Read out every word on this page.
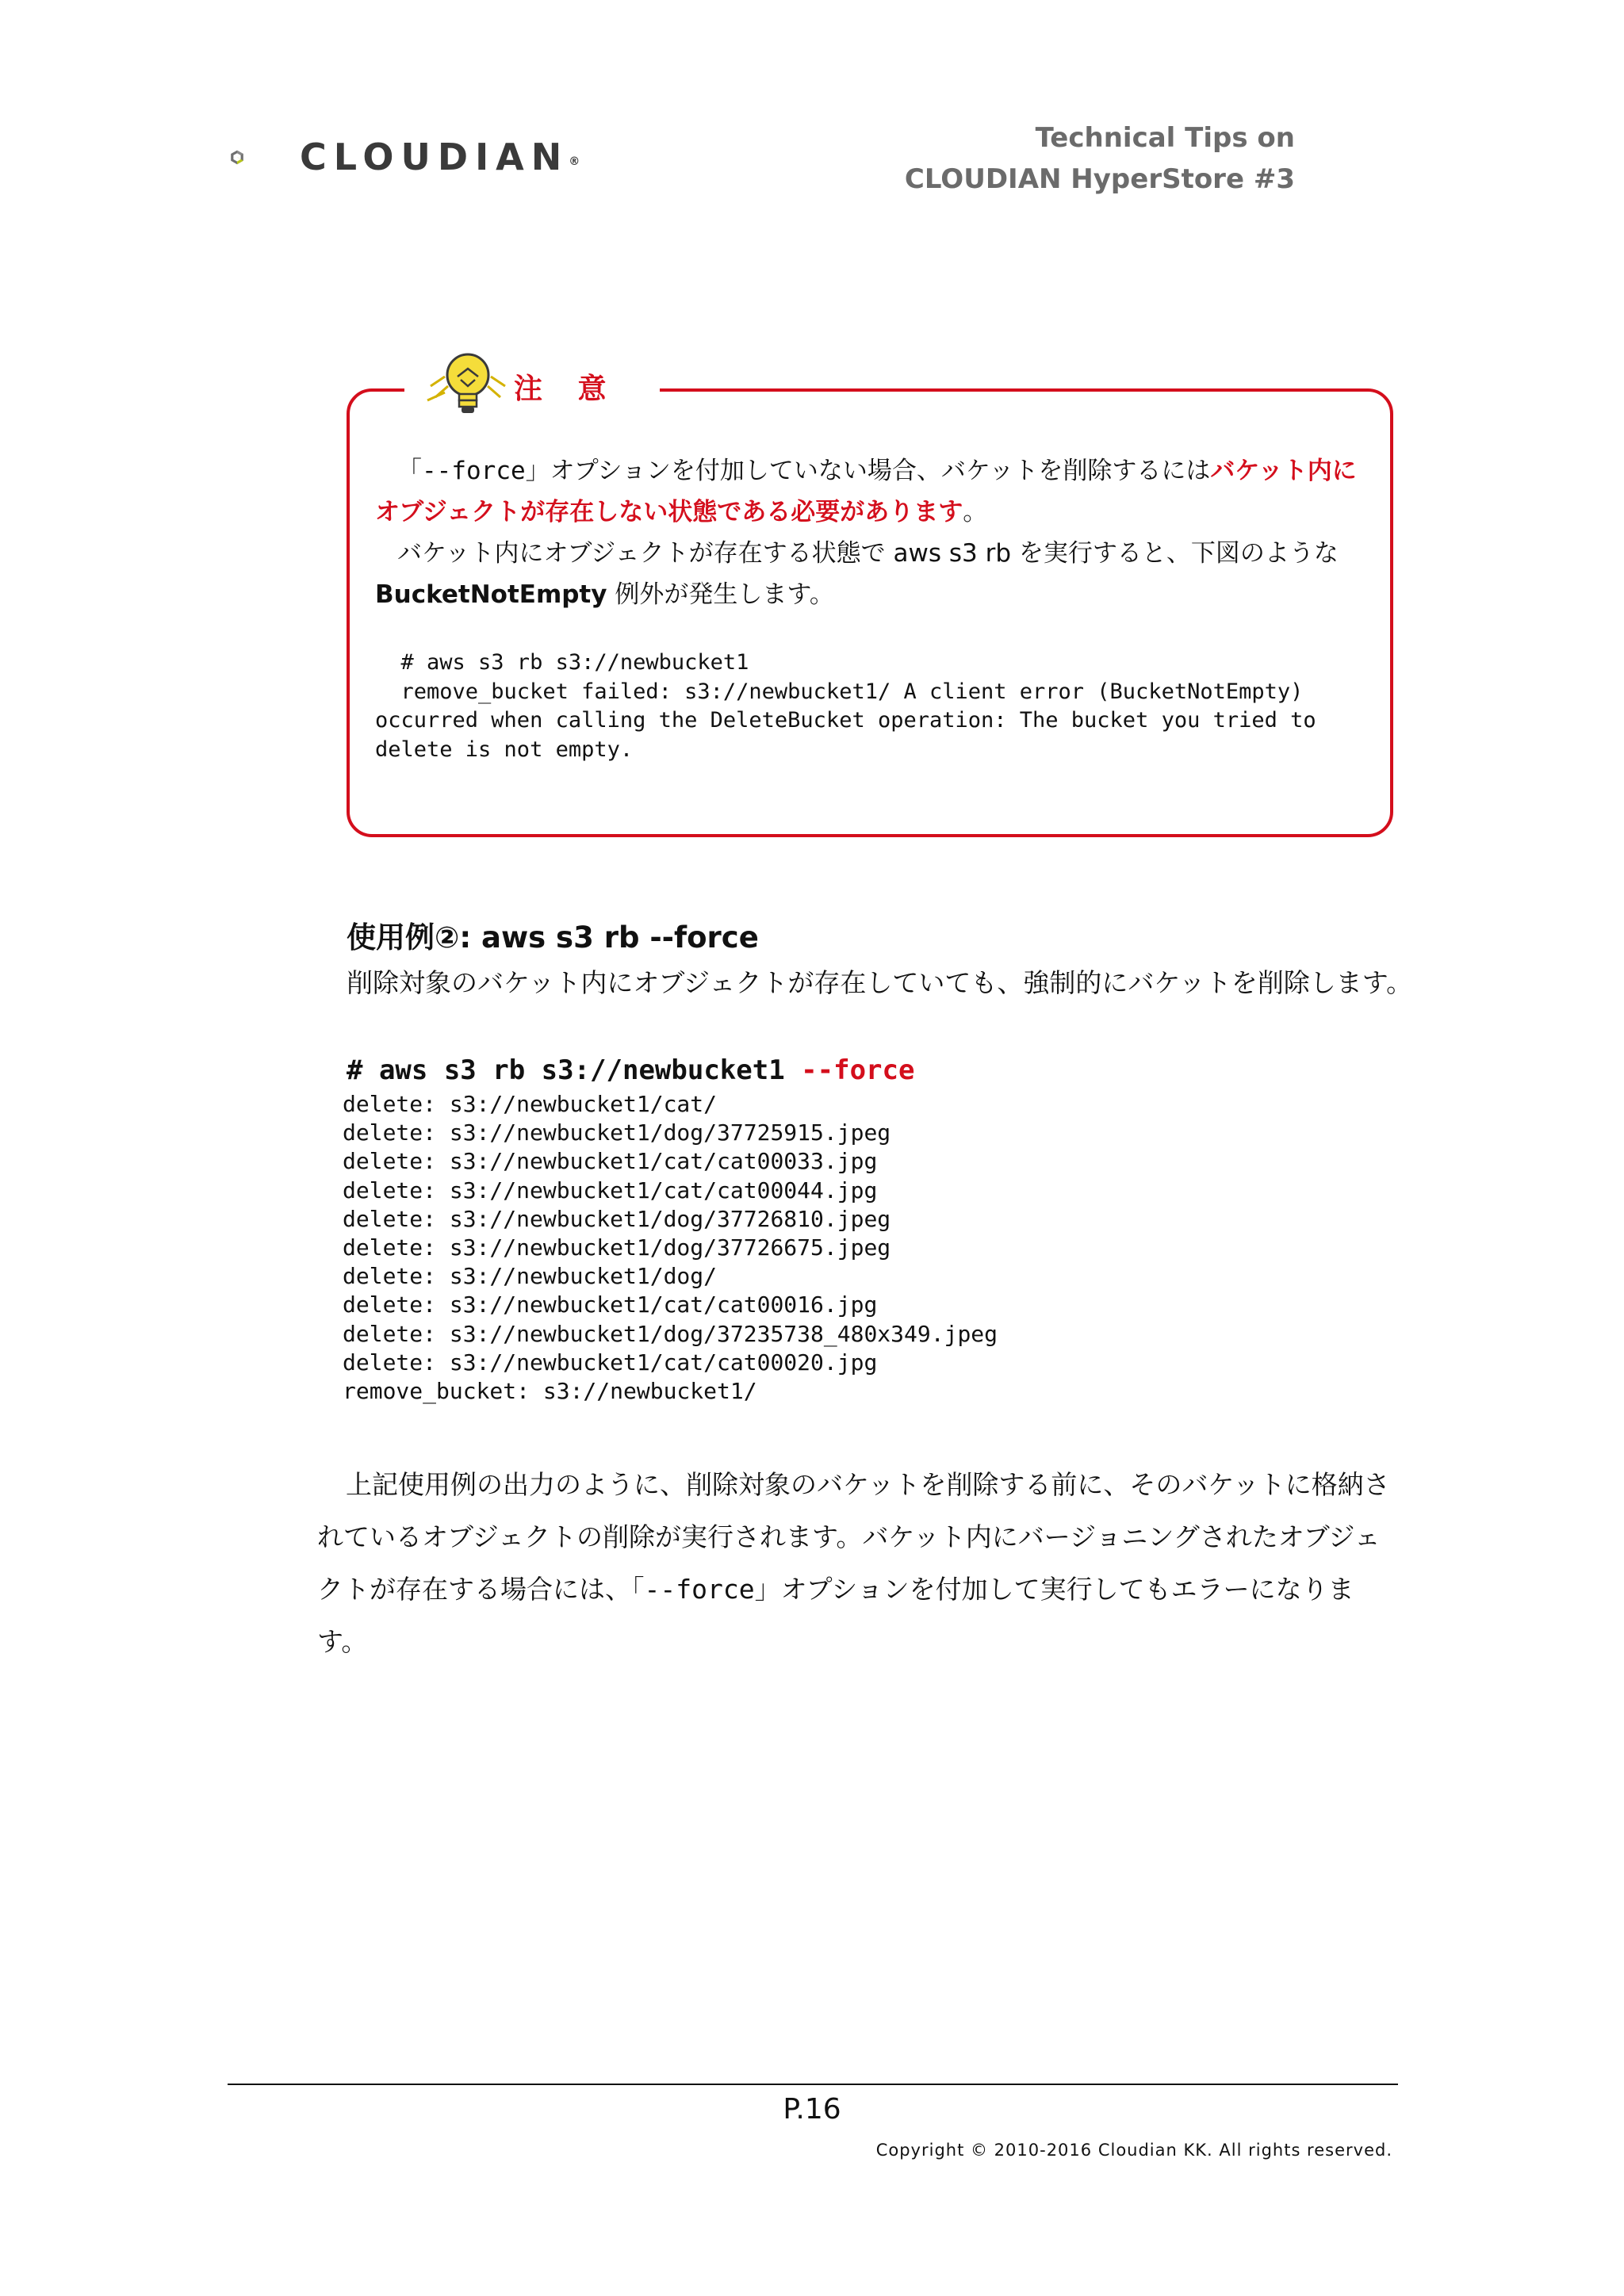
CLOUDIAN®
Technical Tips on
CLOUDIAN HyperStore #3
注 意
「--force」オプションを付加していない場合、バケットを削除するにはバケット内にオブジェクトが存在しない状態である必要があります。
バケット内にオブジェクトが存在する状態で aws s3 rb を実行すると、下図のような
BucketNotEmpty 例外が発生します。
# aws s3 rb s3://newbucket1
remove_bucket failed: s3://newbucket1/ A client error (BucketNotEmpty)
occurred when calling the DeleteBucket operation: The bucket you tried to
delete is not empty.
使用例②: aws s3 rb --force
削除対象のバケット内にオブジェクトが存在していても、強制的にバケットを削除します。
# aws s3 rb s3://newbucket1 --force
delete: s3://newbucket1/cat/
delete: s3://newbucket1/dog/37725915.jpeg
delete: s3://newbucket1/cat/cat00033.jpg
delete: s3://newbucket1/cat/cat00044.jpg
delete: s3://newbucket1/dog/37726810.jpeg
delete: s3://newbucket1/dog/37726675.jpeg
delete: s3://newbucket1/dog/
delete: s3://newbucket1/cat/cat00016.jpg
delete: s3://newbucket1/dog/37235738_480x349.jpeg
delete: s3://newbucket1/cat/cat00020.jpg
remove_bucket: s3://newbucket1/
上記使用例の出力のように、削除対象のバケットを削除する前に、そのバケットに格納されているオブジェクトの削除が実行されます。バケット内にバージョニングされたオブジェクトが存在する場合には、「--force」オプションを付加して実行してもエラーになります。
P.16
Copyright © 2010-2016 Cloudian KK. All rights reserved.
